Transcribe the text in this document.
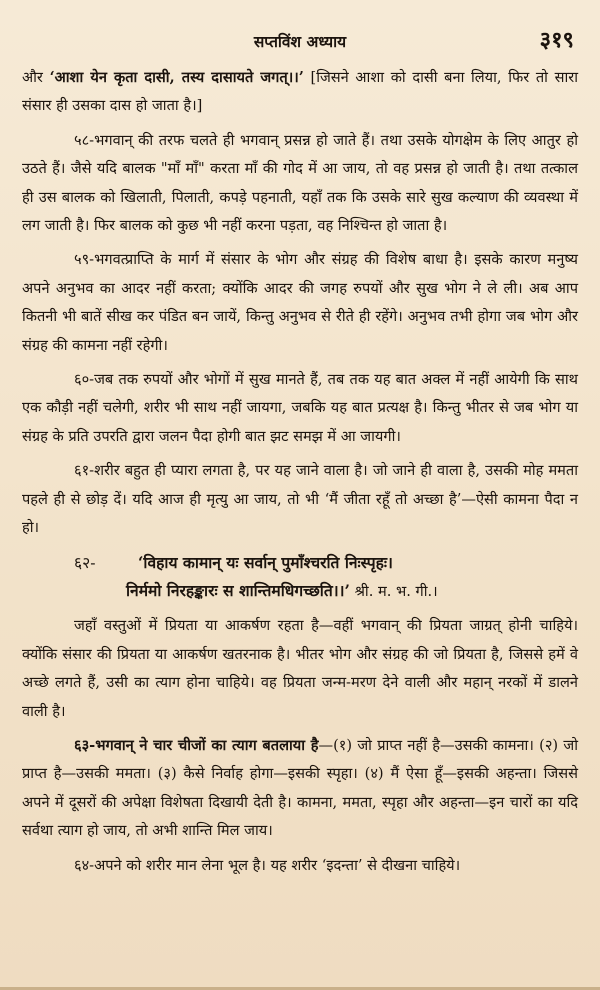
सप्तविंश अध्याय	३१९

और ‘आशा येन कृता दासी, तस्य दासायते जगत्।।’ [जिसने आशा को दासी बना लिया, फिर तो सारा संसार ही उसका दास हो जाता है।]

५८-भगवान् की तरफ चलते ही भगवान् प्रसन्न हो जाते हैं। तथा उसके योगक्षेम के लिए आतुर हो उठते हैं। जैसे यदि बालक "माँ माँ" करता माँ की गोद में आ जाय, तो वह प्रसन्न हो जाती है। तथा तत्काल ही उस बालक को खिलाती, पिलाती, कपड़े पहनाती, यहाँ तक कि उसके सारे सुख कल्याण की व्यवस्था में लग जाती है। फिर बालक को कुछ भी नहीं करना पड़ता, वह निश्चिन्त हो जाता है।

५९-भगवत्प्राप्ति के मार्ग में संसार के भोग और संग्रह की विशेष बाधा है। इसके कारण मनुष्य अपने अनुभव का आदर नहीं करता; क्योंकि आदर की जगह रुपयों और सुख भोग ने ले ली। अब आप कितनी भी बातें सीख कर पंडित बन जायें, किन्तु अनुभव से रीते ही रहेंगे। अनुभव तभी होगा जब भोग और संग्रह की कामना नहीं रहेगी।

६०-जब तक रुपयों और भोगों में सुख मानते हैं, तब तक यह बात अक्ल में नहीं आयेगी कि साथ एक कौड़ी नहीं चलेगी, शरीर भी साथ नहीं जायगा, जबकि यह बात प्रत्यक्ष है। किन्तु भीतर से जब भोग या संग्रह के प्रति उपरति द्वारा जलन पैदा होगी बात झट समझ में आ जायगी।

६१-शरीर बहुत ही प्यारा लगता है, पर यह जाने वाला है। जो जाने ही वाला है, उसकी मोह ममता पहले ही से छोड़ दें। यदि आज ही मृत्यु आ जाय, तो भी ‘मैं जीता रहूँ तो अच्छा है’—ऐसी कामना पैदा न हो।

६२-	‘विहाय कामान् यः सर्वान् पुमाँश्चरति निःस्पृहः।
निर्ममो निरहङ्कारः स शान्तिमधिगच्छति।।’ श्री. म. भ. गी.।

जहाँ वस्तुओं में प्रियता या आकर्षण रहता है—वहीं भगवान् की प्रियता जाग्रत् होनी चाहिये। क्योंकि संसार की प्रियता या आकर्षण खतरनाक है। भीतर भोग और संग्रह की जो प्रियता है, जिससे हमें वे अच्छे लगते हैं, उसी का त्याग होना चाहिये। वह प्रियता जन्म-मरण देने वाली और महान् नरकों में डालने वाली है।

६३-भगवान् ने चार चीजों का त्याग बतलाया है—(१) जो प्राप्त नहीं है—उसकी कामना। (२) जो प्राप्त है—उसकी ममता। (३) कैसे निर्वाह होगा—इसकी स्पृहा। (४) मैं ऐसा हूँ—इसकी अहन्ता। जिससे अपने में दूसरों की अपेक्षा विशेषता दिखायी देती है। कामना, ममता, स्पृहा और अहन्ता—इन चारों का यदि सर्वथा त्याग हो जाय, तो अभी शान्ति मिल जाय।

६४-अपने को शरीर मान लेना भूल है। यह शरीर ‘इदन्ता’ से दीखना चाहिये।
